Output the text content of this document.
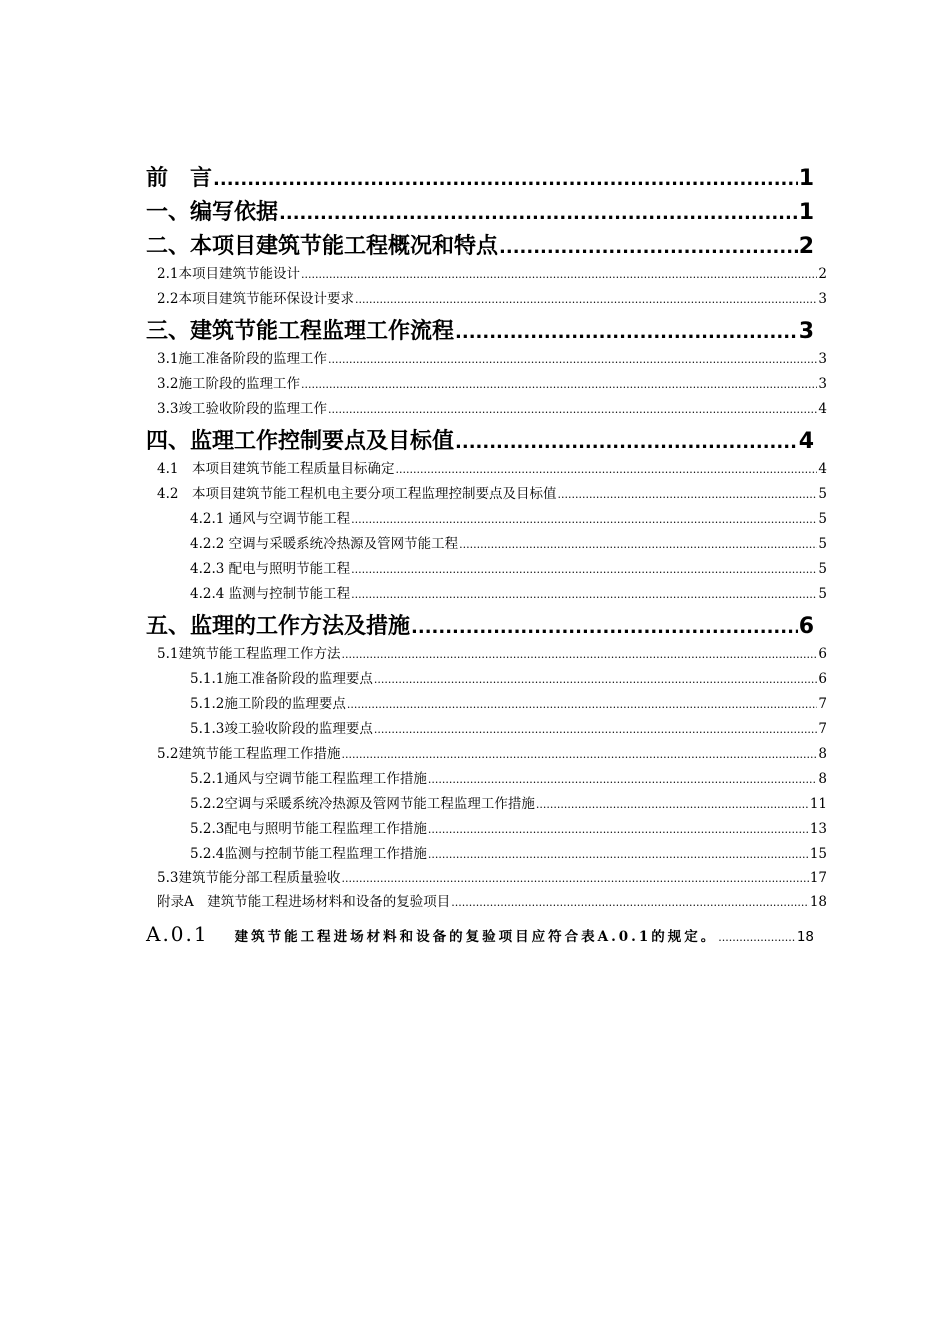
前　言 .....	1
一、编写依据 .....	1
二、本项目建筑节能工程概况和特点 .....	2
2.1本项目建筑节能设计 .....	2
2.2本项目建筑节能环保设计要求 .....	3
三、建筑节能工程监理工作流程 .....	3
3.1施工准备阶段的监理工作 .....	3
3.2施工阶段的监理工作 .....	3
3.3竣工验收阶段的监理工作 .....	4
四、监理工作控制要点及目标值 .....	4
4.1　本项目建筑节能工程质量目标确定 .....	4
4.2　本项目建筑节能工程机电主要分项工程监理控制要点及目标值 .....	5
4.2.1 通风与空调节能工程 .....	5
4.2.2 空调与采暖系统冷热源及管网节能工程 .....	5
4.2.3 配电与照明节能工程 .....	5
4.2.4 监测与控制节能工程 .....	5
五、监理的工作方法及措施 .....	6
5.1建筑节能工程监理工作方法 .....	6
5.1.1施工准备阶段的监理要点 .....	6
5.1.2施工阶段的监理要点 .....	7
5.1.3竣工验收阶段的监理要点 .....	7
5.2建筑节能工程监理工作措施 .....	8
5.2.1通风与空调节能工程监理工作措施 .....	8
5.2.2空调与采暖系统冷热源及管网节能工程监理工作措施 .....	11
5.2.3配电与照明节能工程监理工作措施 .....	13
5.2.4监测与控制节能工程监理工作措施 .....	15
5.3建筑节能分部工程质量验收 .....	17
附录A　建筑节能工程进场材料和设备的复验项目 .....	18
A.0.1 建筑节能工程进场材料和设备的复验项目应符合表A.0.1的规定。 .....	18
